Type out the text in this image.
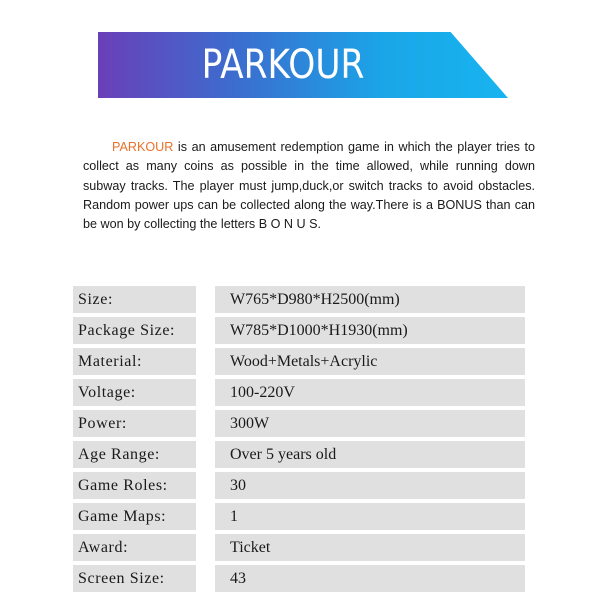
PARKOUR

PARKOUR is an amusement redemption game in which the player tries to collect as many coins as possible in the time allowed, while running down subway tracks. The player must jump,duck,or switch tracks to avoid obstacles. Random power ups can be collected along the way.There is a BONUS than can be won by collecting the letters B O N U S.

Size:	W765*D980*H2500(mm)
Package Size:	W785*D1000*H1930(mm)
Material:	Wood+Metals+Acrylic
Voltage:	100-220V
Power:	300W
Age Range:	Over 5 years old
Game Roles:	30
Game Maps:	1
Award:	Ticket
Screen Size:	43
